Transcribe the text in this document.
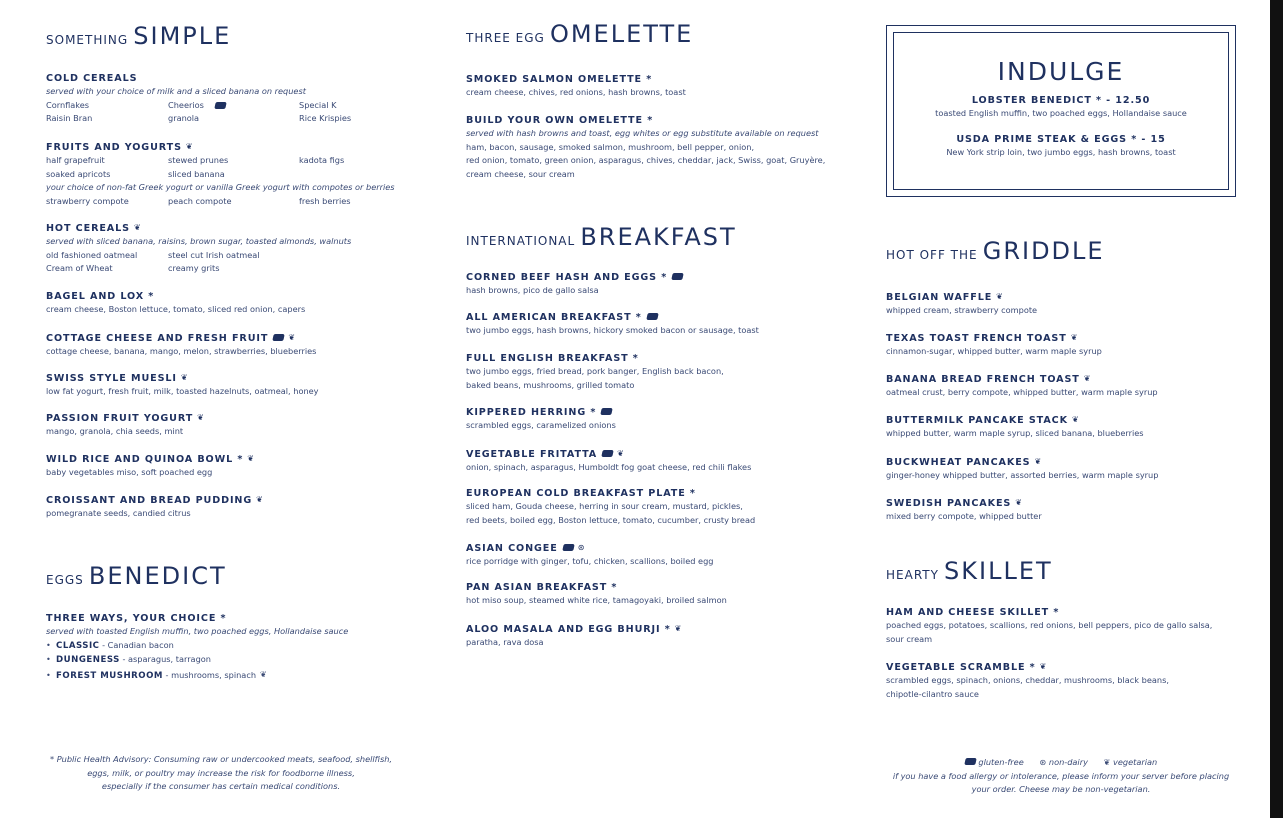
SOMETHING SIMPLE
COLD CEREALS
served with your choice of milk and a sliced banana on request
Cornflakes	Cheerios	Special K
Raisin Bran	granola	Rice Krispies
FRUITS AND YOGURTS ❦
half grapefruit	stewed prunes	kadota figs
soaked apricots	sliced banana
your choice of non-fat Greek yogurt or vanilla Greek yogurt with compotes or berries
strawberry compote	peach compote	fresh berries
HOT CEREALS ❦
served with sliced banana, raisins, brown sugar, toasted almonds, walnuts
old fashioned oatmeal	steel cut Irish oatmeal
Cream of Wheat	creamy grits
BAGEL AND LOX *
cream cheese, Boston lettuce, tomato, sliced red onion, capers
COTTAGE CHEESE AND FRESH FRUIT	❦
cottage cheese, banana, mango, melon, strawberries, blueberries
SWISS STYLE MUESLI ❦
low fat yogurt, fresh fruit, milk, toasted hazelnuts, oatmeal, honey
PASSION FRUIT YOGURT ❦
mango, granola, chia seeds, mint
WILD RICE AND QUINOA BOWL * ❦
baby vegetables miso, soft poached egg
CROISSANT AND BREAD PUDDING ❦
pomegranate seeds, candied citrus
EGGS BENEDICT
THREE WAYS, YOUR CHOICE *
served with toasted English muffin, two poached eggs, Hollandaise sauce
•  CLASSIC - Canadian bacon
•  DUNGENESS - asparagus, tarragon
•  FOREST MUSHROOM - mushrooms, spinach ❦
* Public Health Advisory: Consuming raw or undercooked meats, seafood, shellfish,
eggs, milk, or poultry may increase the risk for foodborne illness,
especially if the consumer has certain medical conditions.
THREE EGG OMELETTE
SMOKED SALMON OMELETTE *
cream cheese, chives, red onions, hash browns, toast
BUILD YOUR OWN OMELETTE *
served with hash browns and toast, egg whites or egg substitute available on request
ham, bacon, sausage, smoked salmon, mushroom, bell pepper, onion,
red onion, tomato, green onion, asparagus, chives, cheddar, jack, Swiss, goat, Gruyère,
cream cheese, sour cream
INTERNATIONAL BREAKFAST
CORNED BEEF HASH AND EGGS *
hash browns, pico de gallo salsa
ALL AMERICAN BREAKFAST *
two jumbo eggs, hash browns, hickory smoked bacon or sausage, toast
FULL ENGLISH BREAKFAST *
two jumbo eggs, fried bread, pork banger, English back bacon,
baked beans, mushrooms, grilled tomato
KIPPERED HERRING *
scrambled eggs, caramelized onions
VEGETABLE FRITATTA	❦
onion, spinach, asparagus, Humboldt fog goat cheese, red chili flakes
EUROPEAN COLD BREAKFAST PLATE *
sliced ham, Gouda cheese, herring in sour cream, mustard, pickles,
red beets, boiled egg, Boston lettuce, tomato, cucumber, crusty bread
ASIAN CONGEE	⊛
rice porridge with ginger, tofu, chicken, scallions, boiled egg
PAN ASIAN BREAKFAST *
hot miso soup, steamed white rice, tamagoyaki, broiled salmon
ALOO MASALA AND EGG BHURJI * ❦
paratha, rava dosa
INDULGE
LOBSTER BENEDICT * - 12.50
toasted English muffin, two poached eggs, Hollandaise sauce
USDA PRIME STEAK & EGGS * - 15
New York strip loin, two jumbo eggs, hash browns, toast
HOT OFF THE GRIDDLE
BELGIAN WAFFLE ❦
whipped cream, strawberry compote
TEXAS TOAST FRENCH TOAST ❦
cinnamon-sugar, whipped butter, warm maple syrup
BANANA BREAD FRENCH TOAST ❦
oatmeal crust, berry compote, whipped butter, warm maple syrup
BUTTERMILK PANCAKE STACK ❦
whipped butter, warm maple syrup, sliced banana, blueberries
BUCKWHEAT PANCAKES ❦
ginger-honey whipped butter, assorted berries, warm maple syrup
SWEDISH PANCAKES ❦
mixed berry compote, whipped butter
HEARTY SKILLET
HAM AND CHEESE SKILLET *
poached eggs, potatoes, scallions, red onions, bell peppers, pico de gallo salsa,
sour cream
VEGETABLE SCRAMBLE * ❦
scrambled eggs, spinach, onions, cheddar, mushrooms, black beans,
chipotle-cilantro sauce
gluten-free ⊛ non-dairy ❦ vegetarian
if you have a food allergy or intolerance, please inform your server before placing
your order. Cheese may be non-vegetarian.
